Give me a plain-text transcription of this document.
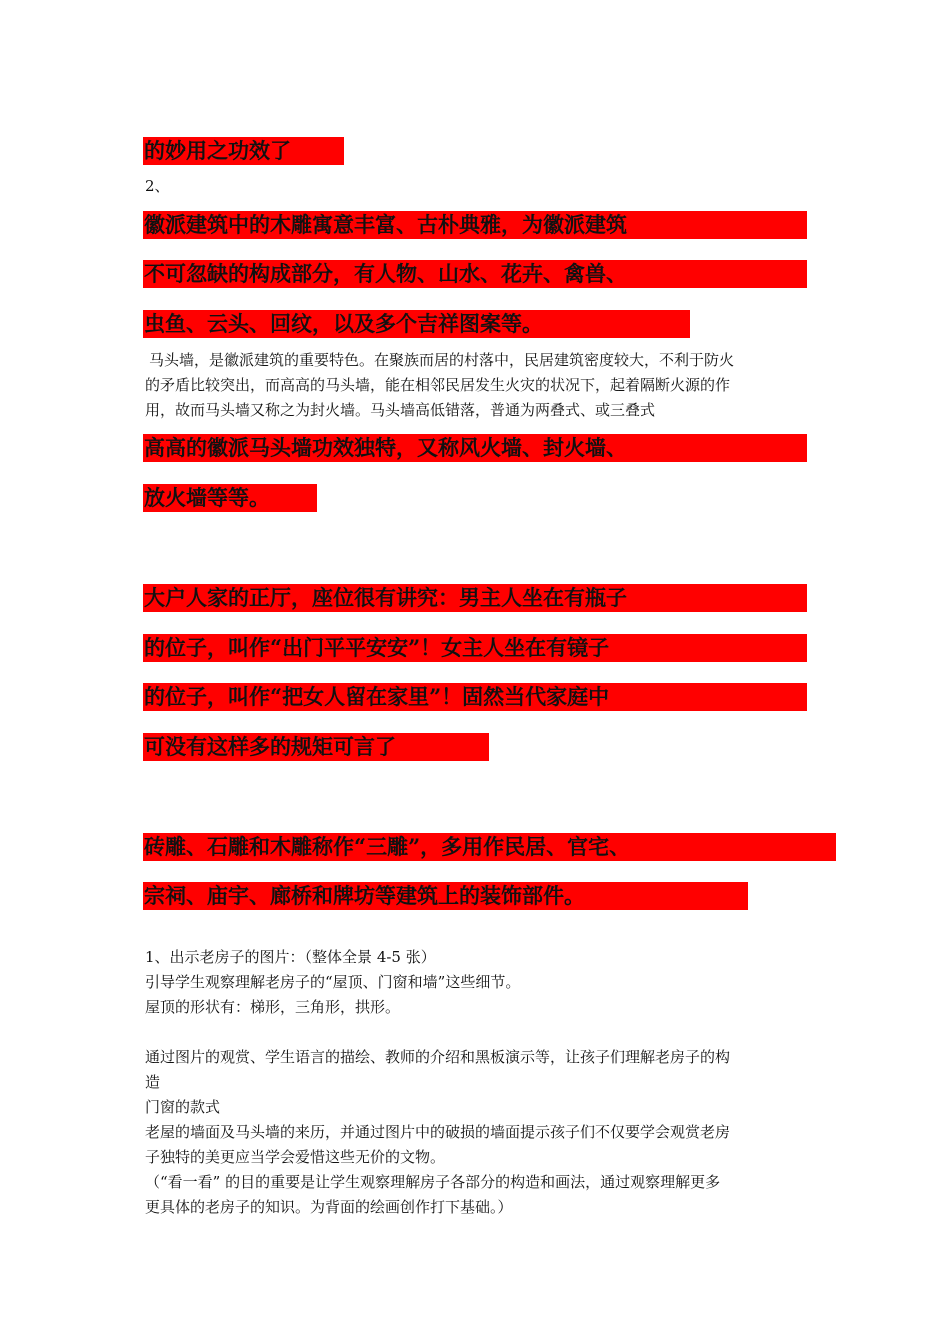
的妙用之功效了
2、
徽派建筑中的木雕寓意丰富、古朴典雅，为徽派建筑
不可忽缺的构成部分，有人物、山水、花卉、禽兽、
虫鱼、云头、回纹，以及多个吉祥图案等。
马头墙，是徽派建筑的重要特色。在聚族而居的村落中，民居建筑密度较大，不利于防火
的矛盾比较突出，而高高的马头墙，能在相邻民居发生火灾的状况下，起着隔断火源的作
用，故而马头墙又称之为封火墙。马头墙高低错落，普通为两叠式、或三叠式
高高的徽派马头墙功效独特，又称风火墙、封火墙、
放火墙等等。
大户人家的正厅，座位很有讲究：男主人坐在有瓶子
的位子，叫作“出门平平安安”！女主人坐在有镜子
的位子，叫作“把女人留在家里”！固然当代家庭中
可没有这样多的规矩可言了
砖雕、石雕和木雕称作“三雕”，多用作民居、官宅、
宗祠、庙宇、廊桥和牌坊等建筑上的装饰部件。
1、出示老房子的图片：（整体全景 4-5 张）
引导学生观察理解老房子的“屋顶、门窗和墙”这些细节。
屋顶的形状有：梯形，三角形，拱形。
通过图片的观赏、学生语言的描绘、教师的介绍和黑板演示等，让孩子们理解老房子的构
造
门窗的款式
老屋的墙面及马头墙的来历，并通过图片中的破损的墙面提示孩子们不仅要学会观赏老房
子独特的美更应当学会爱惜这些无价的文物。
（“看一看” 的目的重要是让学生观察理解房子各部分的构造和画法，通过观察理解更多
更具体的老房子的知识。为背面的绘画创作打下基础。）
